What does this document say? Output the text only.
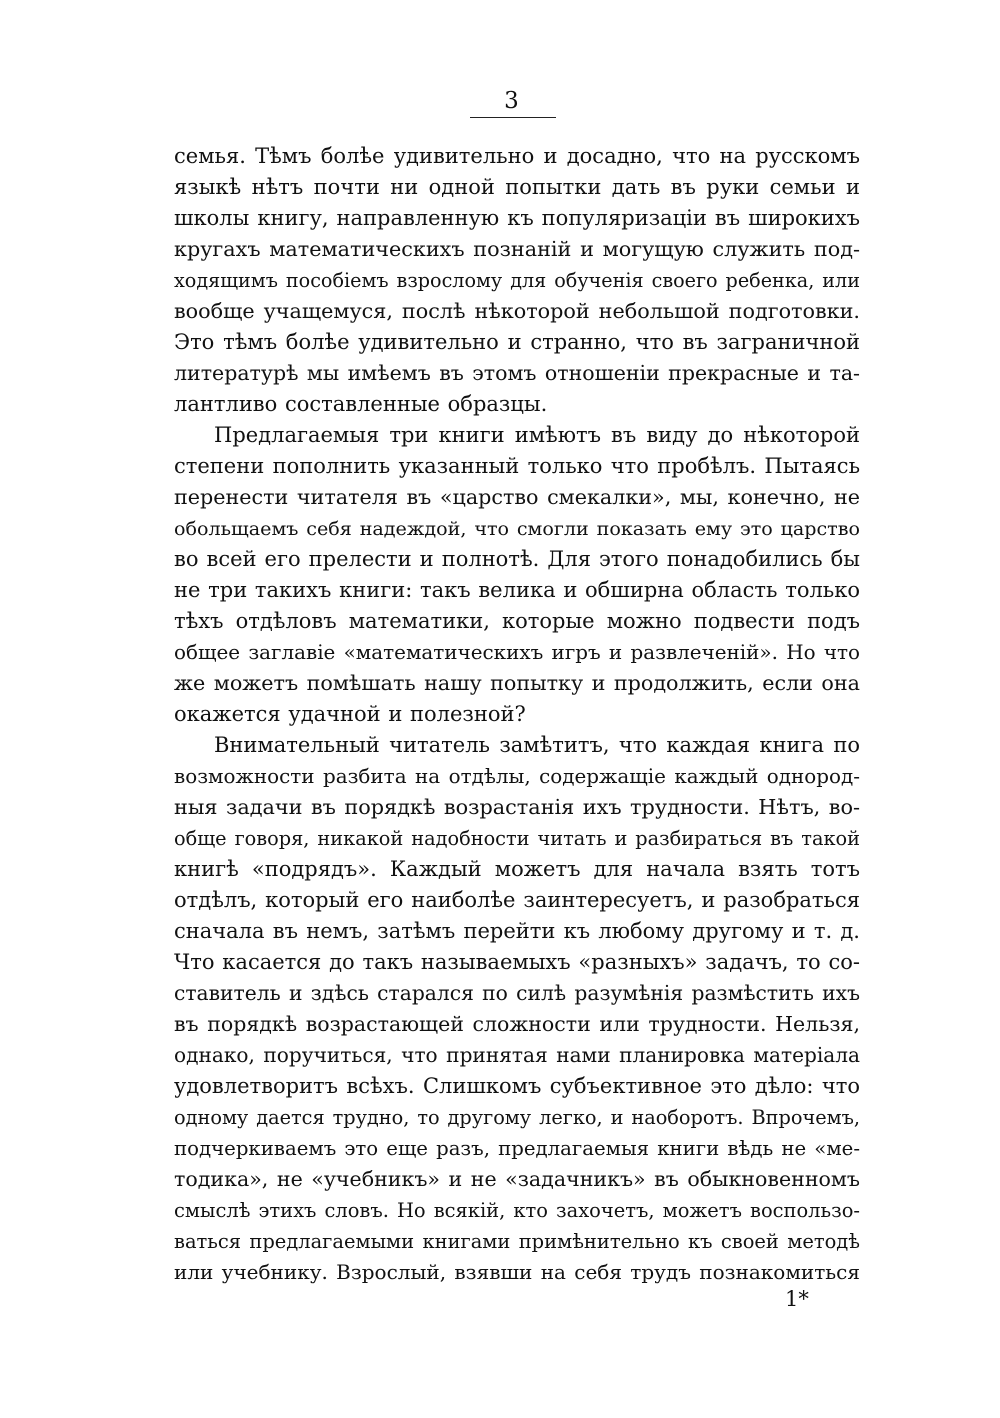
3
семья. Тѣмъ болѣе удивительно и досадно, что на русскомъ
языкѣ нѣтъ почти ни одной попытки дать въ руки семьи и
школы книгу, направленную къ популяризаціи въ широкихъ
кругахъ математическихъ познаній и могущую служить под-
ходящимъ пособіемъ взрослому для обученія своего ребенка, или
вообще учащемуся, послѣ нѣкоторой небольшой подготовки.
Это тѣмъ болѣе удивительно и странно, что въ заграничной
литературѣ мы имѣемъ въ этомъ отношеніи прекрасные и та-
лантливо составленные образцы.
Предлагаемыя три книги имѣютъ въ виду до нѣкоторой
степени пополнить указанный только что пробѣлъ. Пытаясь
перенести читателя въ «царство смекалки», мы, конечно, не
обольщаемъ себя надеждой, что смогли показать ему это царство
во всей его прелести и полнотѣ. Для этого понадобились бы
не три такихъ книги: такъ велика и обширна область только
тѣхъ отдѣловъ математики, которые можно подвести подъ
общее заглавіе «математическихъ игръ и развлеченій». Но что
же можетъ помѣшать нашу попытку и продолжить, если она
окажется удачной и полезной?
Внимательный читатель замѣтитъ, что каждая книга по
возможности разбита на отдѣлы, содержащіе каждый однород-
ныя задачи въ порядкѣ возрастанія ихъ трудности. Нѣтъ, во-
обще говоря, никакой надобности читать и разбираться въ такой
книгѣ «подрядъ». Каждый можетъ для начала взять тотъ
отдѣлъ, который его наиболѣе заинтересуетъ, и разобраться
сначала въ немъ, затѣмъ перейти къ любому другому и т. д.
Что касается до такъ называемыхъ «разныхъ» задачъ, то со-
ставитель и здѣсь старался по силѣ разумѣнія размѣстить ихъ
въ порядкѣ возрастающей сложности или трудности. Нельзя,
однако, поручиться, что принятая нами планировка матеріала
удовлетворитъ всѣхъ. Слишкомъ субъективное это дѣло: что
одному дается трудно, то другому легко, и наоборотъ. Впрочемъ,
подчеркиваемъ это еще разъ, предлагаемыя книги вѣдь не «ме-
тодика», не «учебникъ» и не «задачникъ» въ обыкновенномъ
смыслѣ этихъ словъ. Но всякій, кто захочетъ, можетъ воспользо-
ваться предлагаемыми книгами примѣнительно къ своей методѣ
или учебнику. Взрослый, взявши на себя трудъ познакомиться
1*
